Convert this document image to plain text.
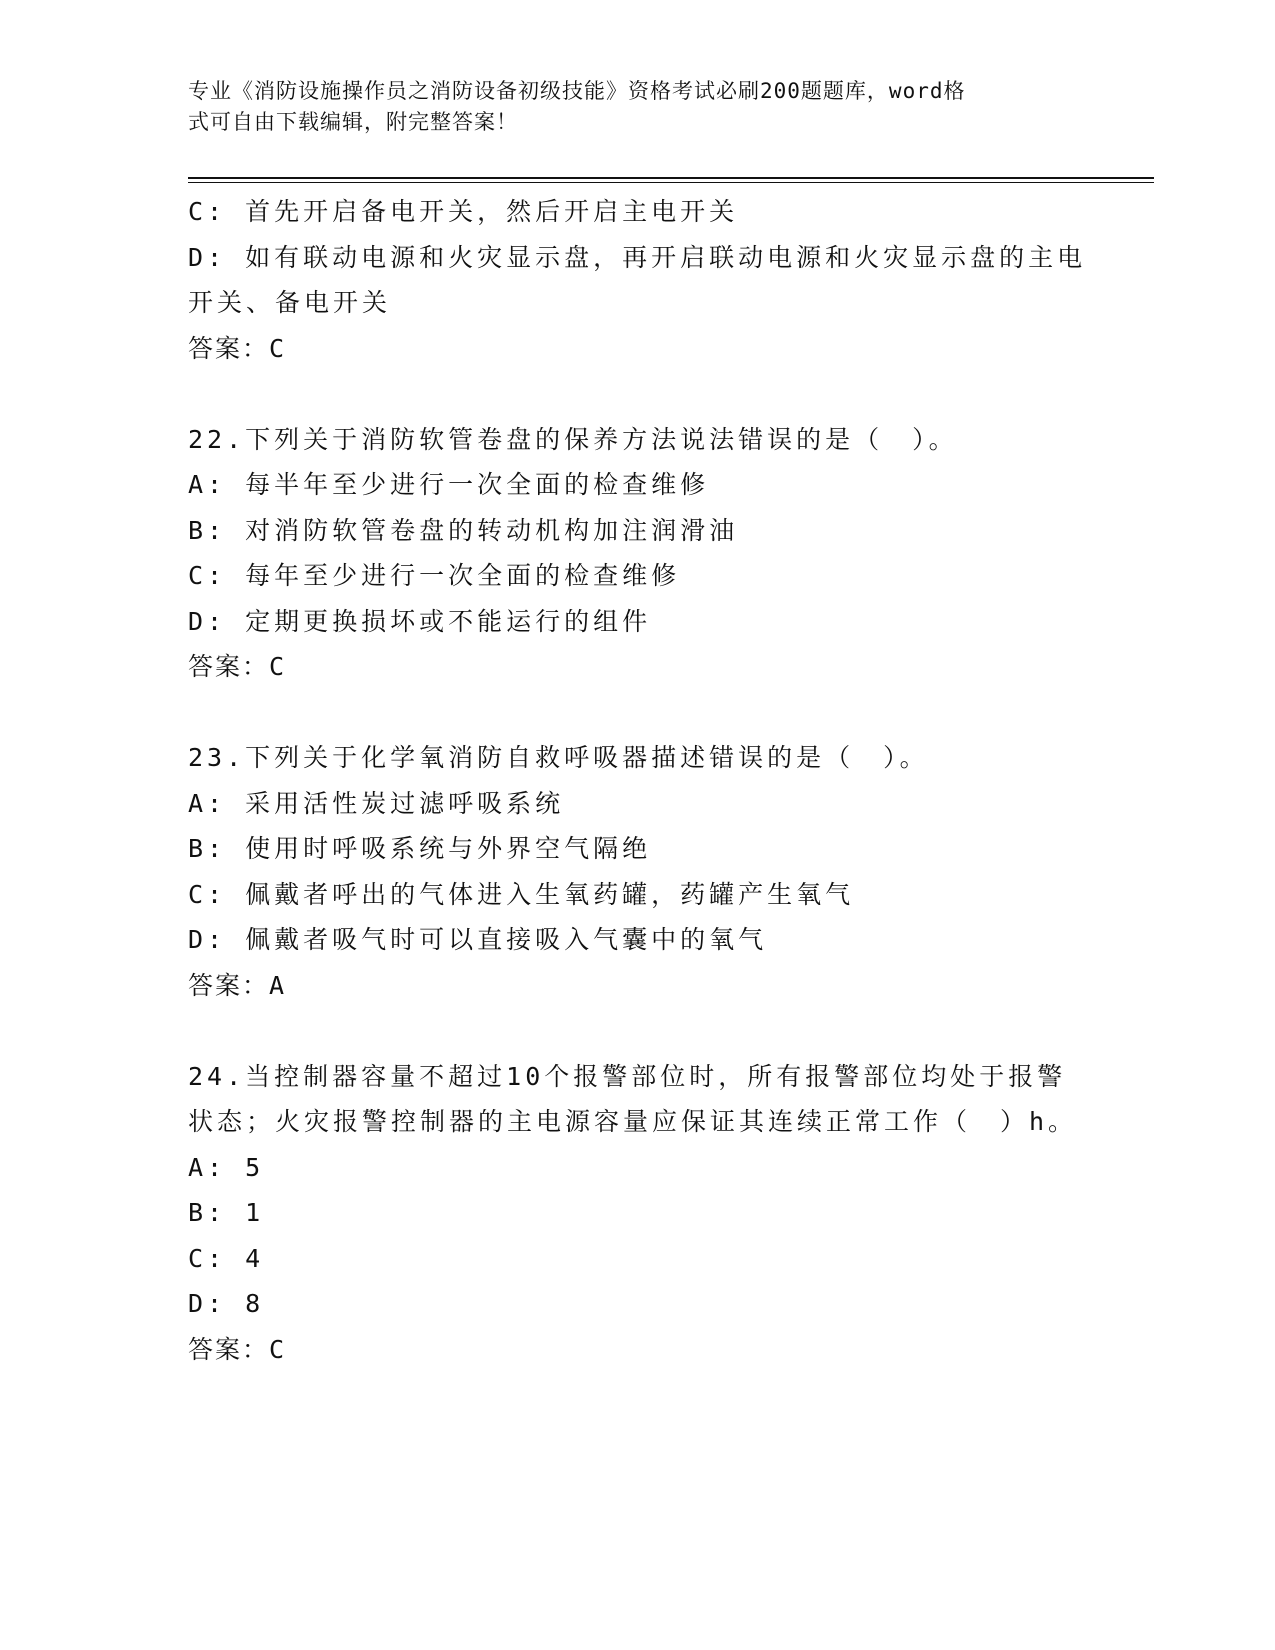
专业《消防设施操作员之消防设备初级技能》资格考试必刷200题题库，word格
式可自由下载编辑，附完整答案！
C: 首先开启备电开关，然后开启主电开关
D: 如有联动电源和火灾显示盘，再开启联动电源和火灾显示盘的主电
开关、备电开关
答案：C
22.下列关于消防软管卷盘的保养方法说法错误的是（　）。
A: 每半年至少进行一次全面的检查维修
B: 对消防软管卷盘的转动机构加注润滑油
C: 每年至少进行一次全面的检查维修
D: 定期更换损坏或不能运行的组件
答案：C
23.下列关于化学氧消防自救呼吸器描述错误的是（　）。
A: 采用活性炭过滤呼吸系统
B: 使用时呼吸系统与外界空气隔绝
C: 佩戴者呼出的气体进入生氧药罐，药罐产生氧气
D: 佩戴者吸气时可以直接吸入气囊中的氧气
答案：A
24.当控制器容量不超过10个报警部位时，所有报警部位均处于报警
状态；火灾报警控制器的主电源容量应保证其连续正常工作（　）h。
A: 5
B: 1
C: 4
D: 8
答案：C
